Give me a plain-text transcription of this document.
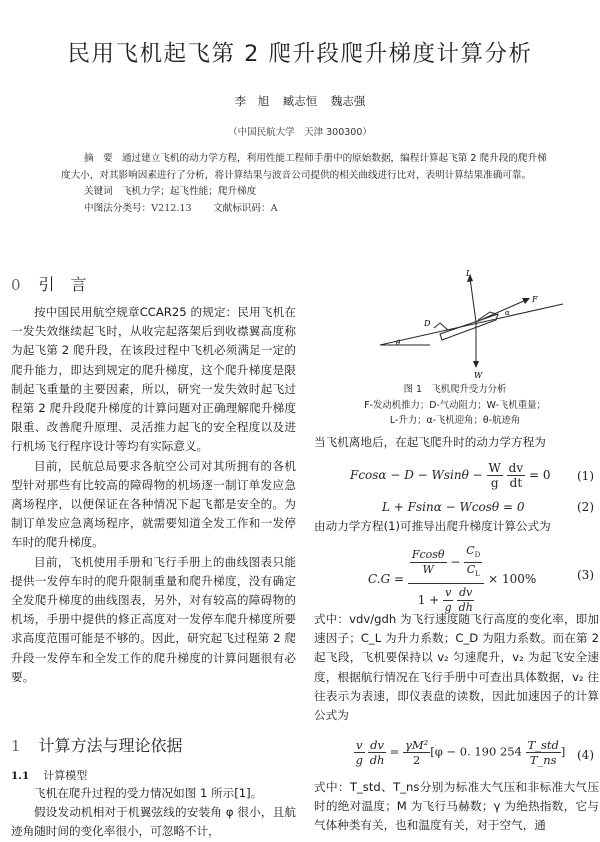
民用飞机起飞第 2 爬升段爬升梯度计算分析
李　旭 臧志恒 魏志强
（中国民航大学　天津 300300）

摘　要 通过建立飞机的动力学方程，利用性能工程师手册中的原始数据，编程计算起飞第 2 爬升段的爬升梯度大小，对其影响因素进行了分析，将计算结果与波音公司提供的相关曲线进行比对，表明计算结果准确可靠。

关键词 飞机力学；起飞性能；爬升梯度

中图法分类号：V212.13 文献标识码：A

0 引　言

按中国民用航空规章CCAR25 的规定：民用飞机在一发失效继续起飞时，从收完起落架后到收襟翼高度称为起飞第 2 爬升段，在该段过程中飞机必须满足一定的爬升能力，即达到规定的爬升梯度，这个爬升梯度是限制起飞重量的主要因素，所以，研究一发失效时起飞过程第 2 爬升段爬升梯度的计算问题对正确理解爬升梯度限重、改善爬升原理、灵活推力起飞的安全程度以及进行机场飞行程序设计等均有实际意义。

目前，民航总局要求各航空公司对其所拥有的各机型针对那些有比较高的障碍物的机场逐一制订单发应急离场程序，以便保证在各种情况下起飞都是安全的。为制订单发应急离场程序，就需要知道全发工作和一发停车时的爬升梯度。

目前，飞机使用手册和飞行手册上的曲线图表只能提供一发停车时的爬升限制重量和爬升梯度，没有确定全发爬升梯度的曲线图表，另外，对有较高的障碍物的机场，手册中提供的修正高度对一发停车爬升梯度所要求高度范围可能是不够的。因此，研究起飞过程第 2 爬升段一发停车和全发工作的爬升梯度的计算问题很有必要。

1 计算方法与理论依据
1.1 计算模型

飞机在爬升过程的受力情况如图 1 所示[1]。

假设发动机相对于机翼弦线的安装角 φ 很小，且航迹角随时间的变化率很小，可忽略不计，

L
F
W
D
α
θ
图 1　飞机爬升受力分析
F-发动机推力；D-气动阻力；W-飞机重量；
L-升力；α-飞机迎角；θ-航迹角
当飞机离地后，在起飞爬升时的动力学方程为
$Fcos\alpha - D - Wsin\theta - \frac{W}{g}$
$\frac{dv}{dt} = 0$ (1)
L + Fsinα − Wcosθ = 0	(2)
由动力学方程(1)可推导出爬升梯度计算公式为
$C.G = \frac{Fcos\theta}{W} - \frac{C_D}{C_L}$
$1 + \frac{v}{g}$
$\frac{dv}{dh} \times 100\%$	(3)
式中：vdv/gdh 为飞行速度随飞行高度的变化率，即加速因子；C_L 为升力系数；C_D 为阻力系数。而在第 2 起飞段，飞机要保持以 v₂ 匀速爬升，v₂ 为起飞安全速度，根据航行情况在飞行手册中可查出具体数据，v₂ 往往表示为表速，即仪表盘的读数，因此加速因子的计算公式为
$\frac{v}{g}$
$\frac{dv}{dh} = \frac{\text{γM²}}{2} [\varphi - 0$. 190 $254 \frac{\text{T\_std}}{T\_ns}$ ] (4)
式中：T_std、T_ns分别为标准大气压和非标准大气压时的绝对温度；M 为飞行马赫数；γ 为绝热指数，它与气体种类有关，也和温度有关，对于空气，通
